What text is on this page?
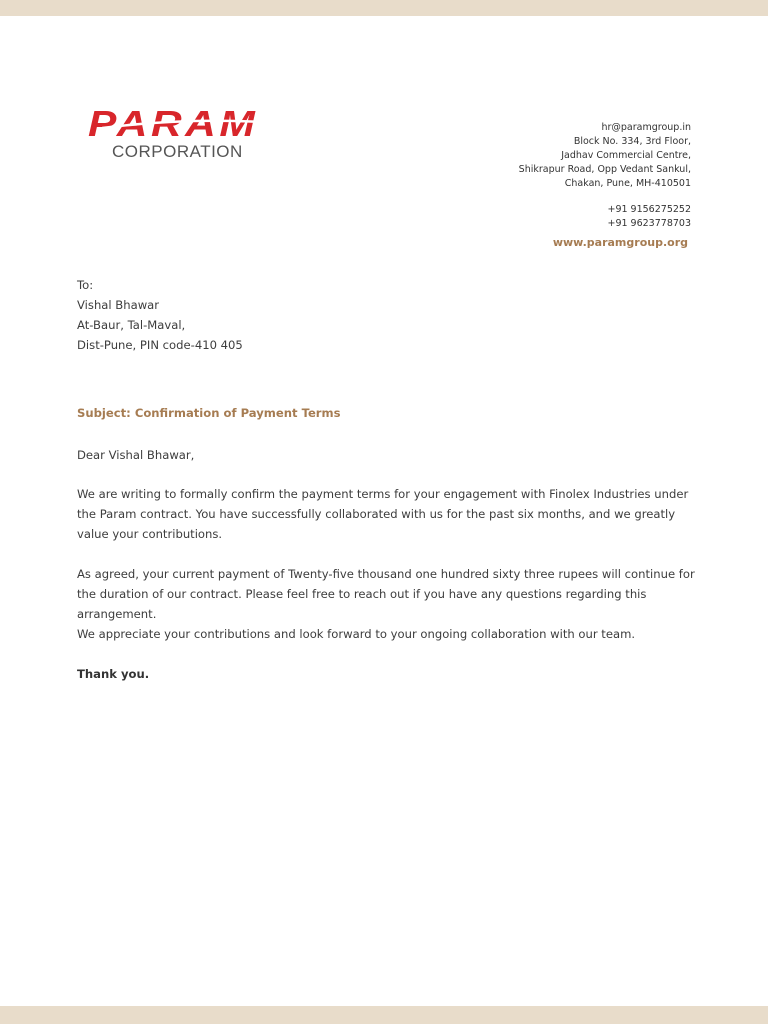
PARAM
CORPORATION
hr@paramgroup.in
Block No. 334, 3rd Floor,
Jadhav Commercial Centre,
Shikrapur Road, Opp Vedant Sankul,
Chakan, Pune, MH-410501
+91 9156275252
+91 9623778703
www.paramgroup.org
To:
Vishal Bhawar
At-Baur, Tal-Maval,
Dist-Pune, PIN code-410 405
Subject: Confirmation of Payment Terms
Dear Vishal Bhawar,
We are writing to formally confirm the payment terms for your engagement with Finolex Industries under the Param contract. You have successfully collaborated with us for the past six months, and we greatly value your contributions.
As agreed, your current payment of Twenty-five thousand one hundred sixty three rupees will continue for the duration of our contract. Please feel free to reach out if you have any questions regarding this arrangement.
We appreciate your contributions and look forward to your ongoing collaboration with our team.
Thank you.
